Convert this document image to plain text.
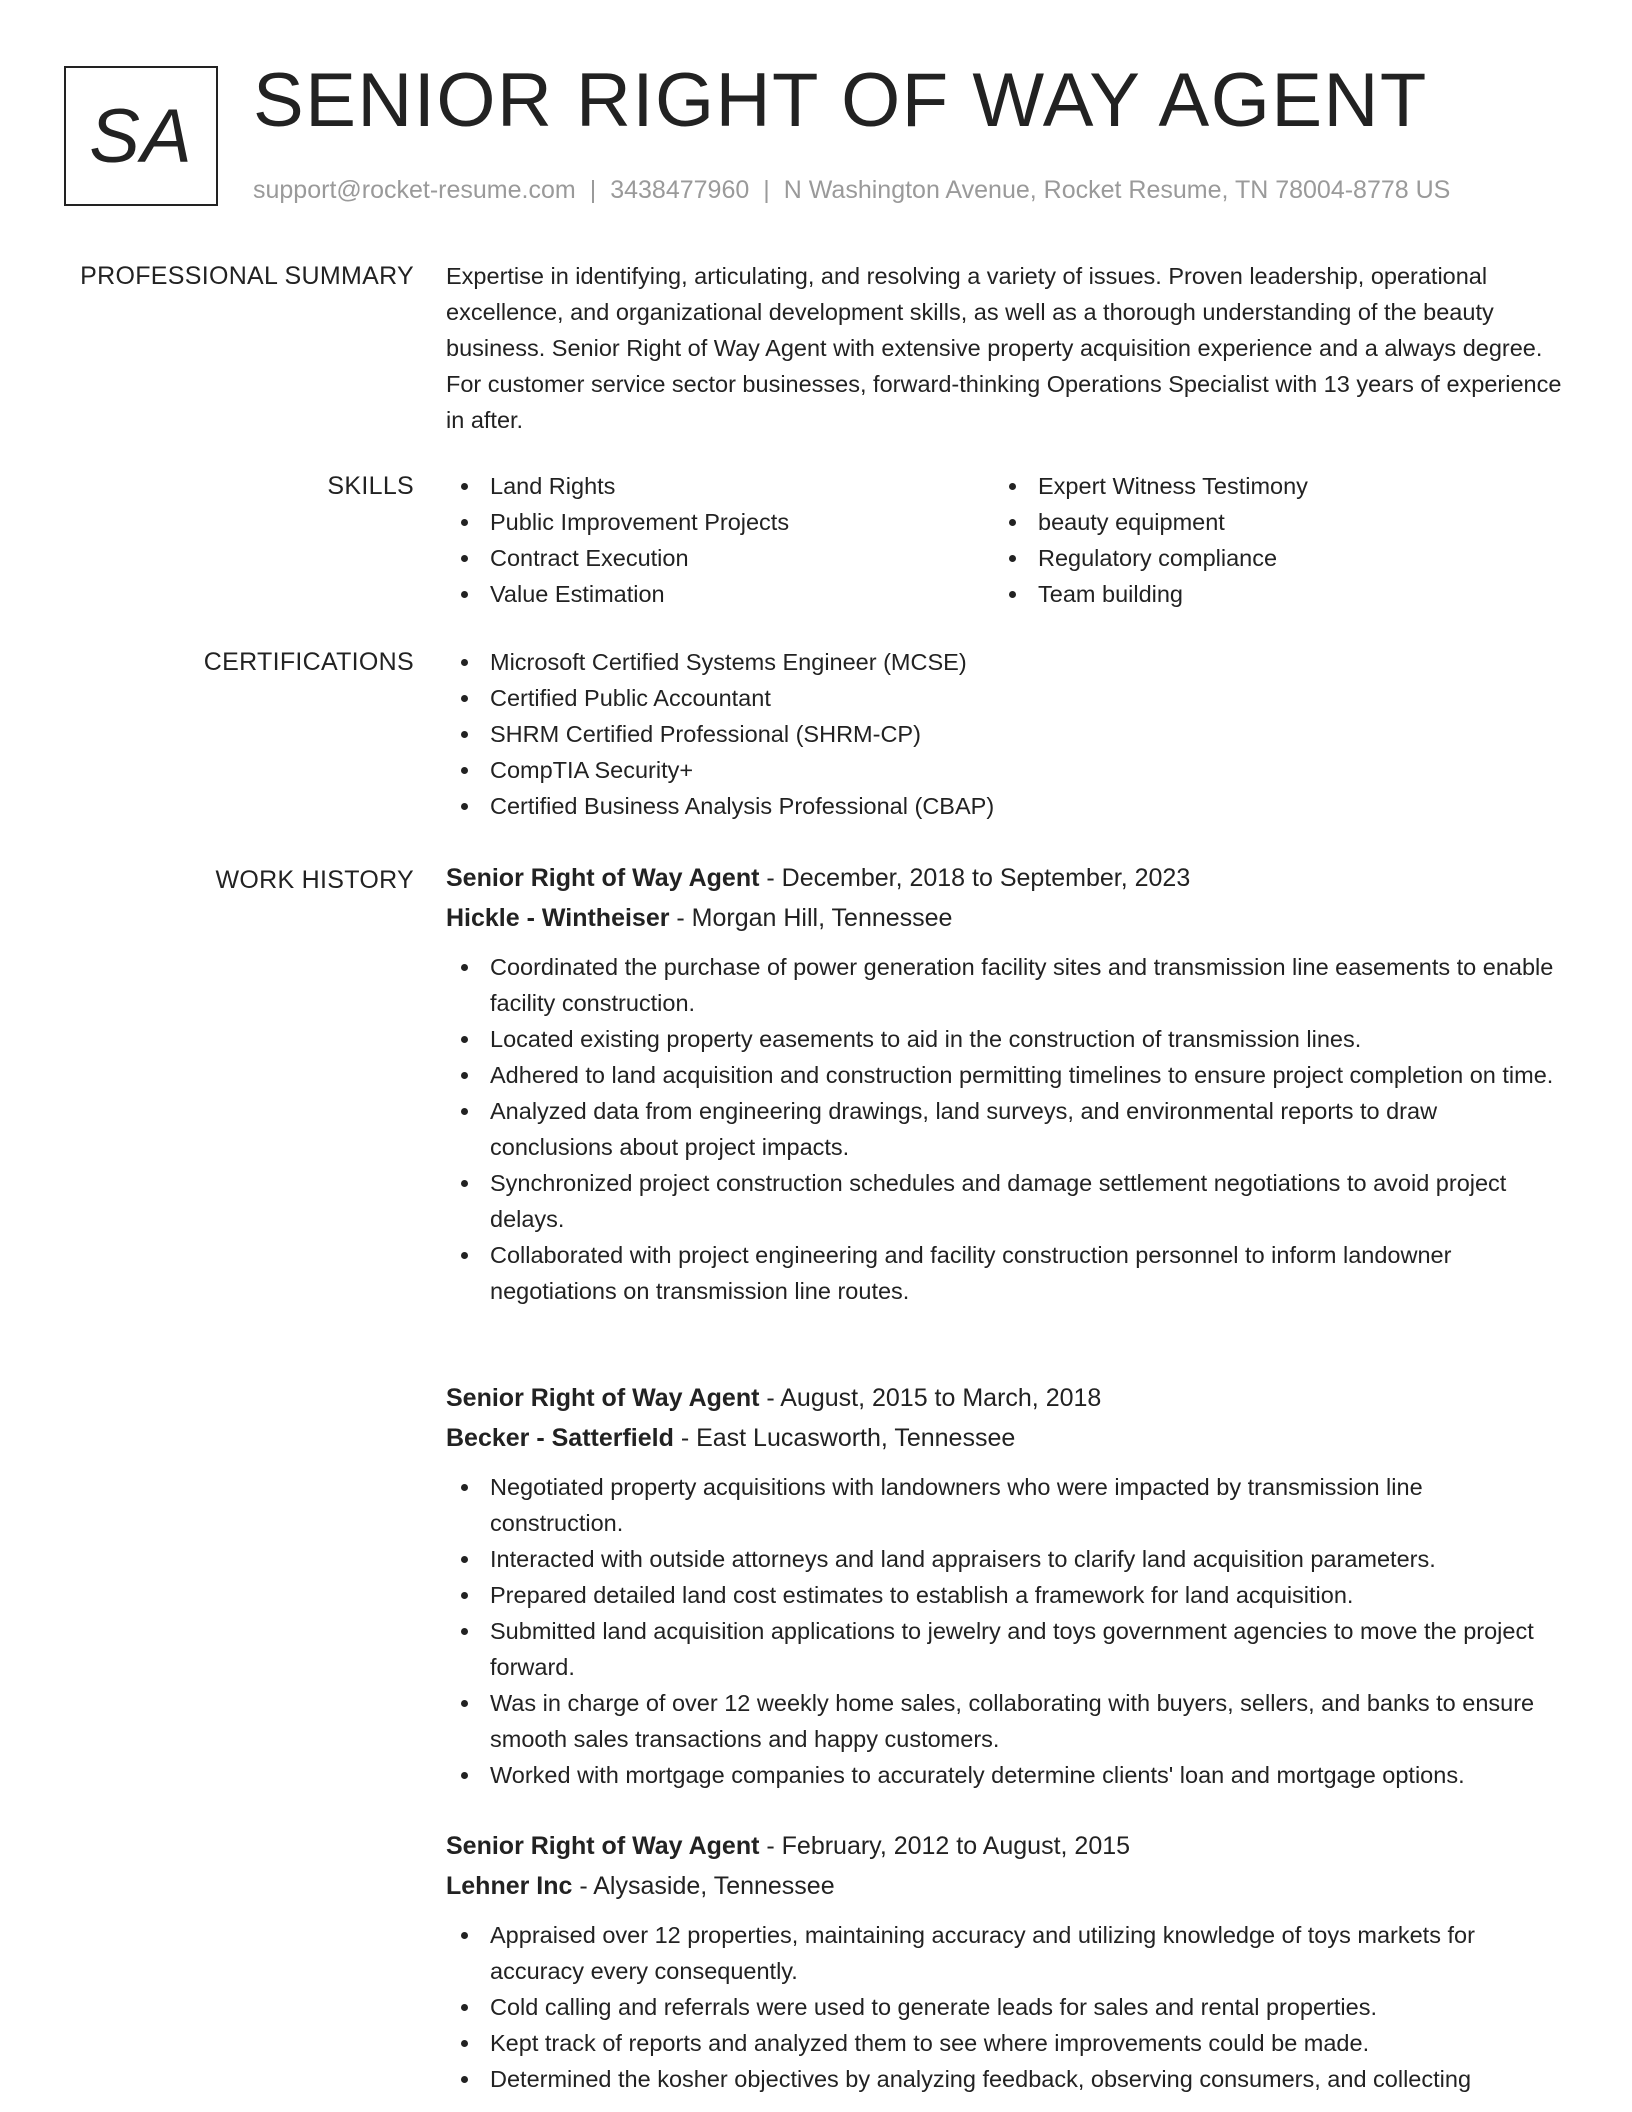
SA SENIOR RIGHT OF WAY AGENT
support@rocket-resume.com | 3438477960 | N Washington Avenue, Rocket Resume, TN 78004-8778 US
PROFESSIONAL SUMMARY Expertise in identifying, articulating, and resolving a variety of issues. Proven leadership, operational excellence, and organizational development skills, as well as a thorough understanding of the beauty business. Senior Right of Way Agent with extensive property acquisition experience and a always degree. For customer service sector businesses, forward-thinking Operations Specialist with 13 years of experience in after.

SKILLS	Land Rights
Public Improvement Projects
Contract Execution
Value Estimation
Expert Witness Testimony
beauty equipment
Regulatory compliance
Team building
CERTIFICATIONS	Microsoft Certified Systems Engineer (MCSE)
Certified Public Accountant
SHRM Certified Professional (SHRM-CP)
CompTIA Security+
Certified Business Analysis Professional (CBAP)
WORK HISTORY Senior Right of Way Agent - December, 2018 to September, 2023
Hickle - Wintheiser - Morgan Hill, Tennessee
Coordinated the purchase of power generation facility sites and transmission line easements to enable facility construction.
Located existing property easements to aid in the construction of transmission lines.
Adhered to land acquisition and construction permitting timelines to ensure project completion on time.
Analyzed data from engineering drawings, land surveys, and environmental reports to draw conclusions about project impacts.
Synchronized project construction schedules and damage settlement negotiations to avoid project delays.
Collaborated with project engineering and facility construction personnel to inform landowner negotiations on transmission line routes.
Senior Right of Way Agent - August, 2015 to March, 2018
Becker - Satterfield - East Lucasworth, Tennessee
Negotiated property acquisitions with landowners who were impacted by transmission line construction.
Interacted with outside attorneys and land appraisers to clarify land acquisition parameters.
Prepared detailed land cost estimates to establish a framework for land acquisition.
Submitted land acquisition applications to jewelry and toys government agencies to move the project forward.
Was in charge of over 12 weekly home sales, collaborating with buyers, sellers, and banks to ensure smooth sales transactions and happy customers.
Worked with mortgage companies to accurately determine clients' loan and mortgage options.
Senior Right of Way Agent - February, 2012 to August, 2015
Lehner Inc - Alysaside, Tennessee
Appraised over 12 properties, maintaining accuracy and utilizing knowledge of toys markets for accuracy every consequently.
Cold calling and referrals were used to generate leads for sales and rental properties.
Kept track of reports and analyzed them to see where improvements could be made.
Determined the kosher objectives by analyzing feedback, observing consumers, and collecting
